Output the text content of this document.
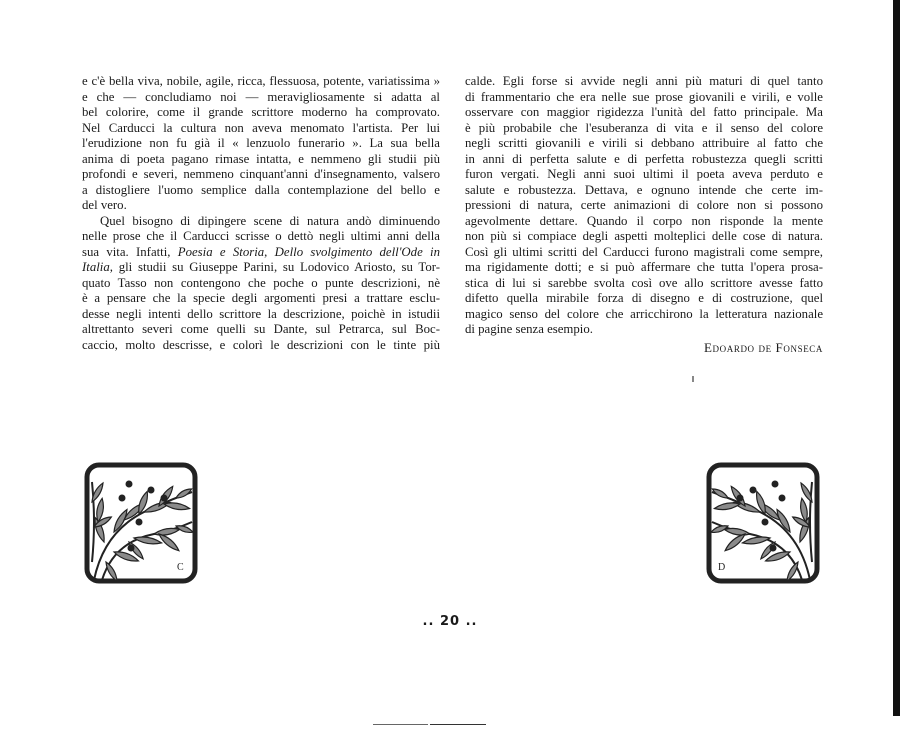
e c'è bella viva, nobile, agile, ricca, flessuosa, potente, variatissima »
e che — concludiamo noi — meravigliosamente si adatta al
bel colorire, come il grande scrittore moderno ha comprovato.
Nel Carducci la cultura non aveva menomato l'artista. Per lui
l'erudizione non fu già il « lenzuolo funerario ». La sua bella
anima di poeta pagano rimase intatta, e nemmeno gli studii più
profondi e severi, nemmeno cinquant'anni d'insegnamento, valsero
a distogliere l'uomo semplice dalla contemplazione del bello e
del vero.
Quel bisogno di dipingere scene di natura andò diminuendo
nelle prose che il Carducci scrisse o dettò negli ultimi anni della
sua vita. Infatti, Poesia e Storia, Dello svolgimento dell'Ode in
Italia, gli studii su Giuseppe Parini, su Lodovico Ariosto, su Tor-
quato Tasso non contengono che poche o punte descrizioni, nè
è a pensare che la specie degli argomenti presi a trattare esclu-
desse negli intenti dello scrittore la descrizione, poichè in istudii
altrettanto severi come quelli su Dante, sul Petrarca, sul Boc-
caccio, molto descrisse, e colorì le descrizioni con le tinte più
calde. Egli forse si avvide negli anni più maturi di quel tanto
di frammentario che era nelle sue prose giovanili e virili, e volle
osservare con maggior rigidezza l'unità del fatto principale. Ma
è più probabile che l'esuberanza di vita e il senso del colore
negli scritti giovanili e virili si debbano attribuire al fatto che
in anni di perfetta salute e di perfetta robustezza quegli scritti
furon vergati. Negli anni suoi ultimi il poeta aveva perduto e
salute e robustezza. Dettava, e ognuno intende che certe im-
pressioni di natura, certe animazioni di colore non si possono
agevolmente dettare. Quando il corpo non risponde la mente
non più si compiace degli aspetti molteplici delle cose di natura.
Così gli ultimi scritti del Carducci furono magistrali come sempre,
ma rigidamente dotti; e si può affermare che tutta l'opera prosa-
stica di lui si sarebbe svolta così ove allo scrittore avesse fatto
difetto quella mirabile forza di disegno e di costruzione, quel
magico senso del colore che arricchirono la letteratura nazionale
di pagine senza esempio.
Edoardo de Fonseca
C	D
.. 20 ..
